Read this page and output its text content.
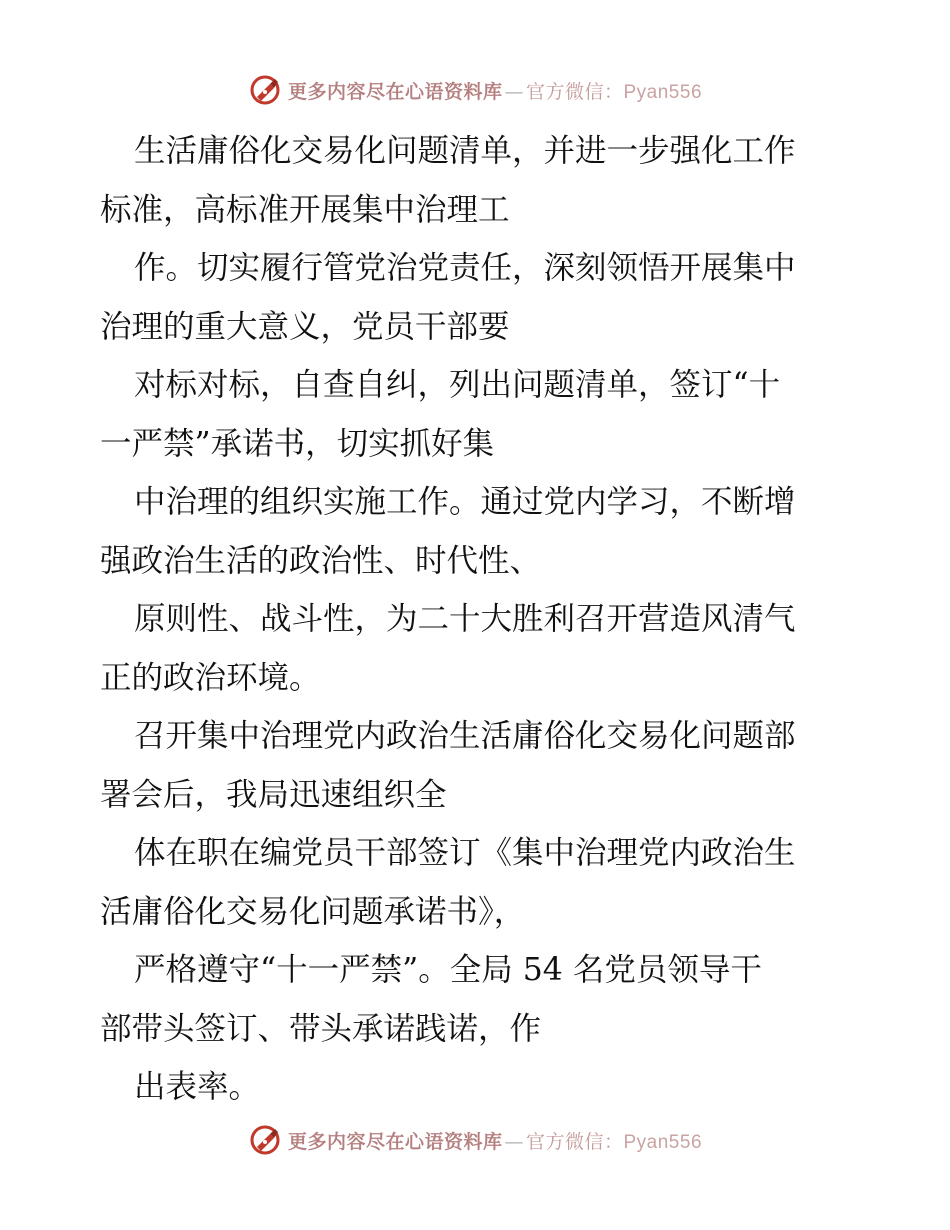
更多内容尽在心语资料库 — 官方微信：Pyan556
生活庸俗化交易化问题清单，并进一步强化工作
标准，高标准开展集中治理工
作。切实履行管党治党责任，深刻领悟开展集中
治理的重大意义，党员干部要
对标对标，自查自纠，列出问题清单，签订“十
一严禁”承诺书，切实抓好集
中治理的组织实施工作。通过党内学习，不断增
强政治生活的政治性、时代性、
原则性、战斗性，为二十大胜利召开营造风清气
正的政治环境。
召开集中治理党内政治生活庸俗化交易化问题部
署会后，我局迅速组织全
体在职在编党员干部签订《集中治理党内政治生
活庸俗化交易化问题承诺书》，
严格遵守“十一严禁”。全局 54 名党员领导干
部带头签订、带头承诺践诺，作
出表率。
更多内容尽在心语资料库 — 官方微信：Pyan556
